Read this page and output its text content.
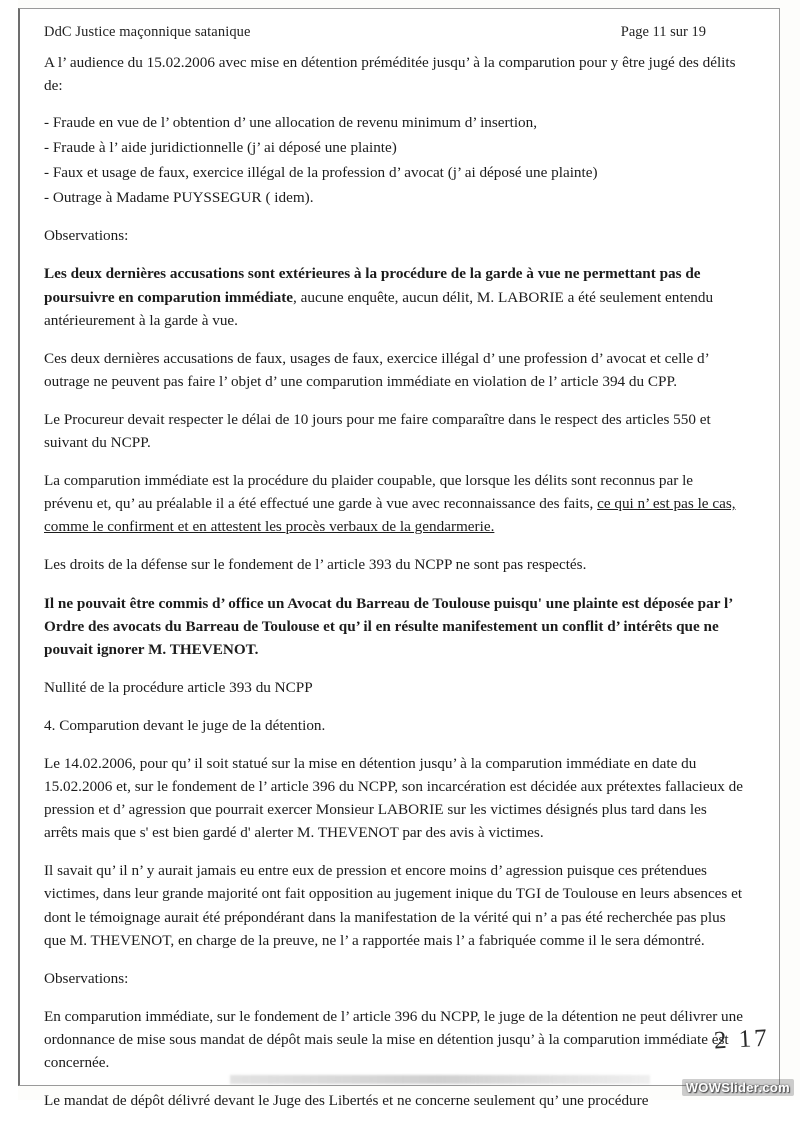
DdC Justice maçonnique satanique	Page 11 sur 19

A l’ audience du 15.02.2006 avec mise en détention préméditée jusqu’ à la comparution pour y être jugé des délits de:

- Fraude en vue de l’ obtention d’ une allocation de revenu minimum d’ insertion,
- Fraude à l’ aide juridictionnelle (j’ ai déposé une plainte)
- Faux et usage de faux, exercice illégal de la profession d’ avocat (j’ ai déposé une plainte)
- Outrage à Madame PUYSSEGUR ( idem).

Observations:

Les deux dernières accusations sont extérieures à la procédure de la garde à vue ne permettant pas de poursuivre en comparution immédiate, aucune enquête, aucun délit, M. LABORIE a été seulement entendu antérieurement à la garde à vue.

Ces deux dernières accusations de faux, usages de faux, exercice illégal d’ une profession d’ avocat et celle d’ outrage ne peuvent pas faire l’ objet d’ une comparution immédiate en violation de l’ article 394 du CPP.

Le Procureur devait respecter le délai de 10 jours pour me faire comparaître dans le respect des articles 550 et suivant du NCPP.

La comparution immédiate est la procédure du plaider coupable, que lorsque les délits sont reconnus par le prévenu et, qu’ au préalable il a été effectué une garde à vue avec reconnaissance des faits, ce qui n’ est pas le cas, comme le confirment et en attestent les procès verbaux de la gendarmerie.

Les droits de la défense sur le fondement de l’ article 393 du NCPP ne sont pas respectés.

Il ne pouvait être commis d’ office un Avocat du Barreau de Toulouse puisqu' une plainte est déposée par l’ Ordre des avocats du Barreau de Toulouse et qu’ il en résulte manifestement un conflit d’ intérêts que ne pouvait ignorer M. THEVENOT.

Nullité de la procédure article 393 du NCPP

4. Comparution devant le juge de la détention.

Le 14.02.2006, pour qu’ il soit statué sur la mise en détention jusqu’ à la comparution immédiate en date du 15.02.2006 et, sur le fondement de l’ article 396 du NCPP, son incarcération est décidée aux prétextes fallacieux de pression et d’ agression que pourrait exercer Monsieur LABORIE sur les victimes désignés plus tard dans les arrêts mais que s' est bien gardé d' alerter M. THEVENOT par des avis à victimes.

Il savait qu’ il n’ y aurait jamais eu entre eux de pression et encore moins d’ agression puisque ces prétendues victimes, dans leur grande majorité ont fait opposition au jugement inique du TGI de Toulouse en leurs absences et dont le témoignage aurait été prépondérant dans la manifestation de la vérité qui n’ a pas été recherchée pas plus que M. THEVENOT, en charge de la preuve, ne l’ a rapportée mais l’ a fabriquée comme il le sera démontré.

Observations:

En comparution immédiate, sur le fondement de l’ article 396 du NCPP, le juge de la détention ne peut délivrer une ordonnance de mise sous mandat de dépôt mais seule la mise en détention jusqu’ à la comparution immédiate est concernée.

Le mandat de dépôt délivré devant le Juge des Libertés et ne concerne seulement qu’ une procédure

2 17
WOWSlider.com
